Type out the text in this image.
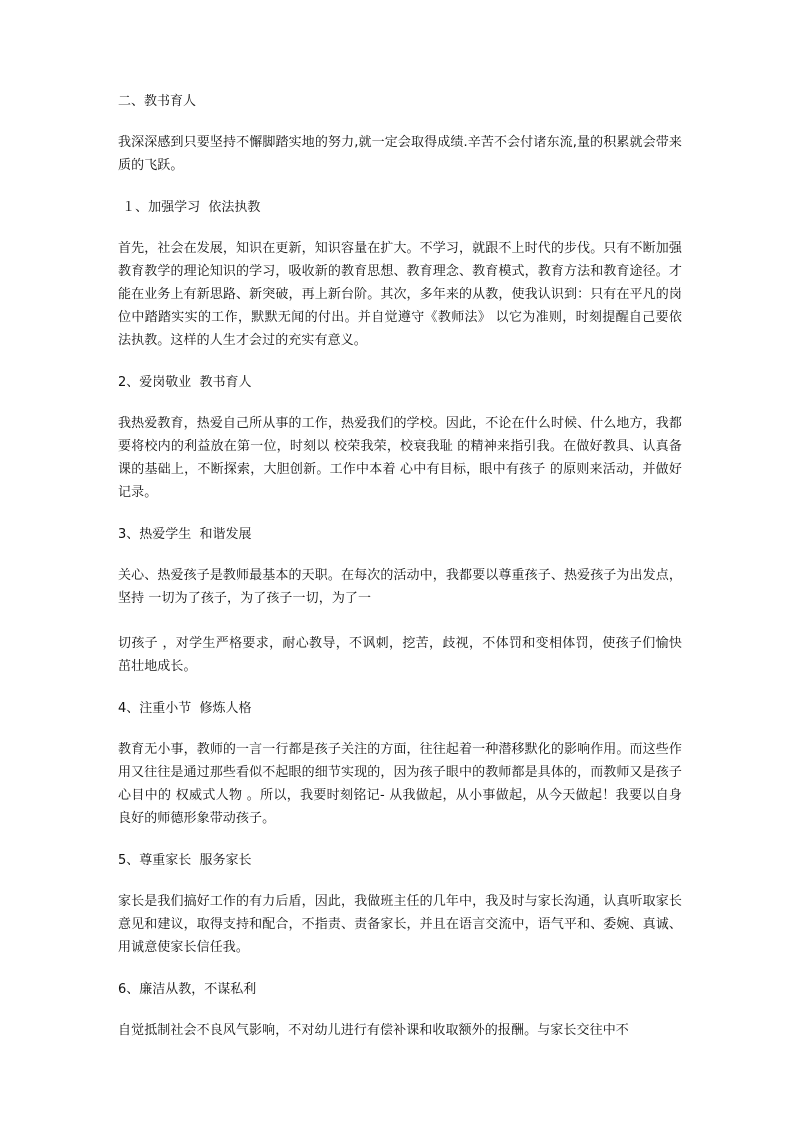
二、教书育人

我深深感到只要坚持不懈脚踏实地的努力,就一定会取得成绩.辛苦不会付诸东流,量的积累就会带来质的飞跃。

１、加强学习  依法执教

首先，社会在发展，知识在更新，知识容量在扩大。不学习，就跟不上时代的步伐。只有不断加强教育教学的理论知识的学习，吸收新的教育思想、教育理念、教育模式，教育方法和教育途径。才能在业务上有新思路、新突破，再上新台阶。其次，多年来的从教，使我认识到：只有在平凡的岗位中踏踏实实的工作，默默无闻的付出。并自觉遵守《教师法》 以它为准则，时刻提醒自己要依法执教。这样的人生才会过的充实有意义。

2、爱岗敬业  教书育人

我热爱教育，热爱自己所从事的工作，热爱我们的学校。因此，不论在什么时候、什么地方，我都要将校内的利益放在第一位，时刻以 校荣我荣，校衰我耻 的精神来指引我。在做好教具、认真备课的基础上，不断探索，大胆创新。工作中本着 心中有目标，眼中有孩子 的原则来活动，并做好记录。

3、热爱学生  和谐发展

关心、热爱孩子是教师最基本的天职。在每次的活动中，我都要以尊重孩子、热爱孩子为出发点，坚持 一切为了孩子，为了孩子一切，为了一

切孩子 ，对学生严格要求，耐心教导，不讽刺，挖苦，歧视，不体罚和变相体罚，使孩子们愉快茁壮地成长。

4、注重小节  修炼人格

教育无小事，教师的一言一行都是孩子关注的方面，往往起着一种潜移默化的影响作用。而这些作用又往往是通过那些看似不起眼的细节实现的，因为孩子眼中的教师都是具体的，而教师又是孩子心目中的 权威式人物 。所以，我要时刻铭记- 从我做起，从小事做起，从今天做起！我要以自身良好的师德形象带动孩子。

5、尊重家长  服务家长

家长是我们搞好工作的有力后盾，因此，我做班主任的几年中，我及时与家长沟通，认真听取家长意见和建议，取得支持和配合，不指责、责备家长，并且在语言交流中，语气平和、委婉、真诚、用诚意使家长信任我。

6、廉洁从教，不谋私利

自觉抵制社会不良风气影响，不对幼儿进行有偿补课和收取额外的报酬。与家长交往中不
